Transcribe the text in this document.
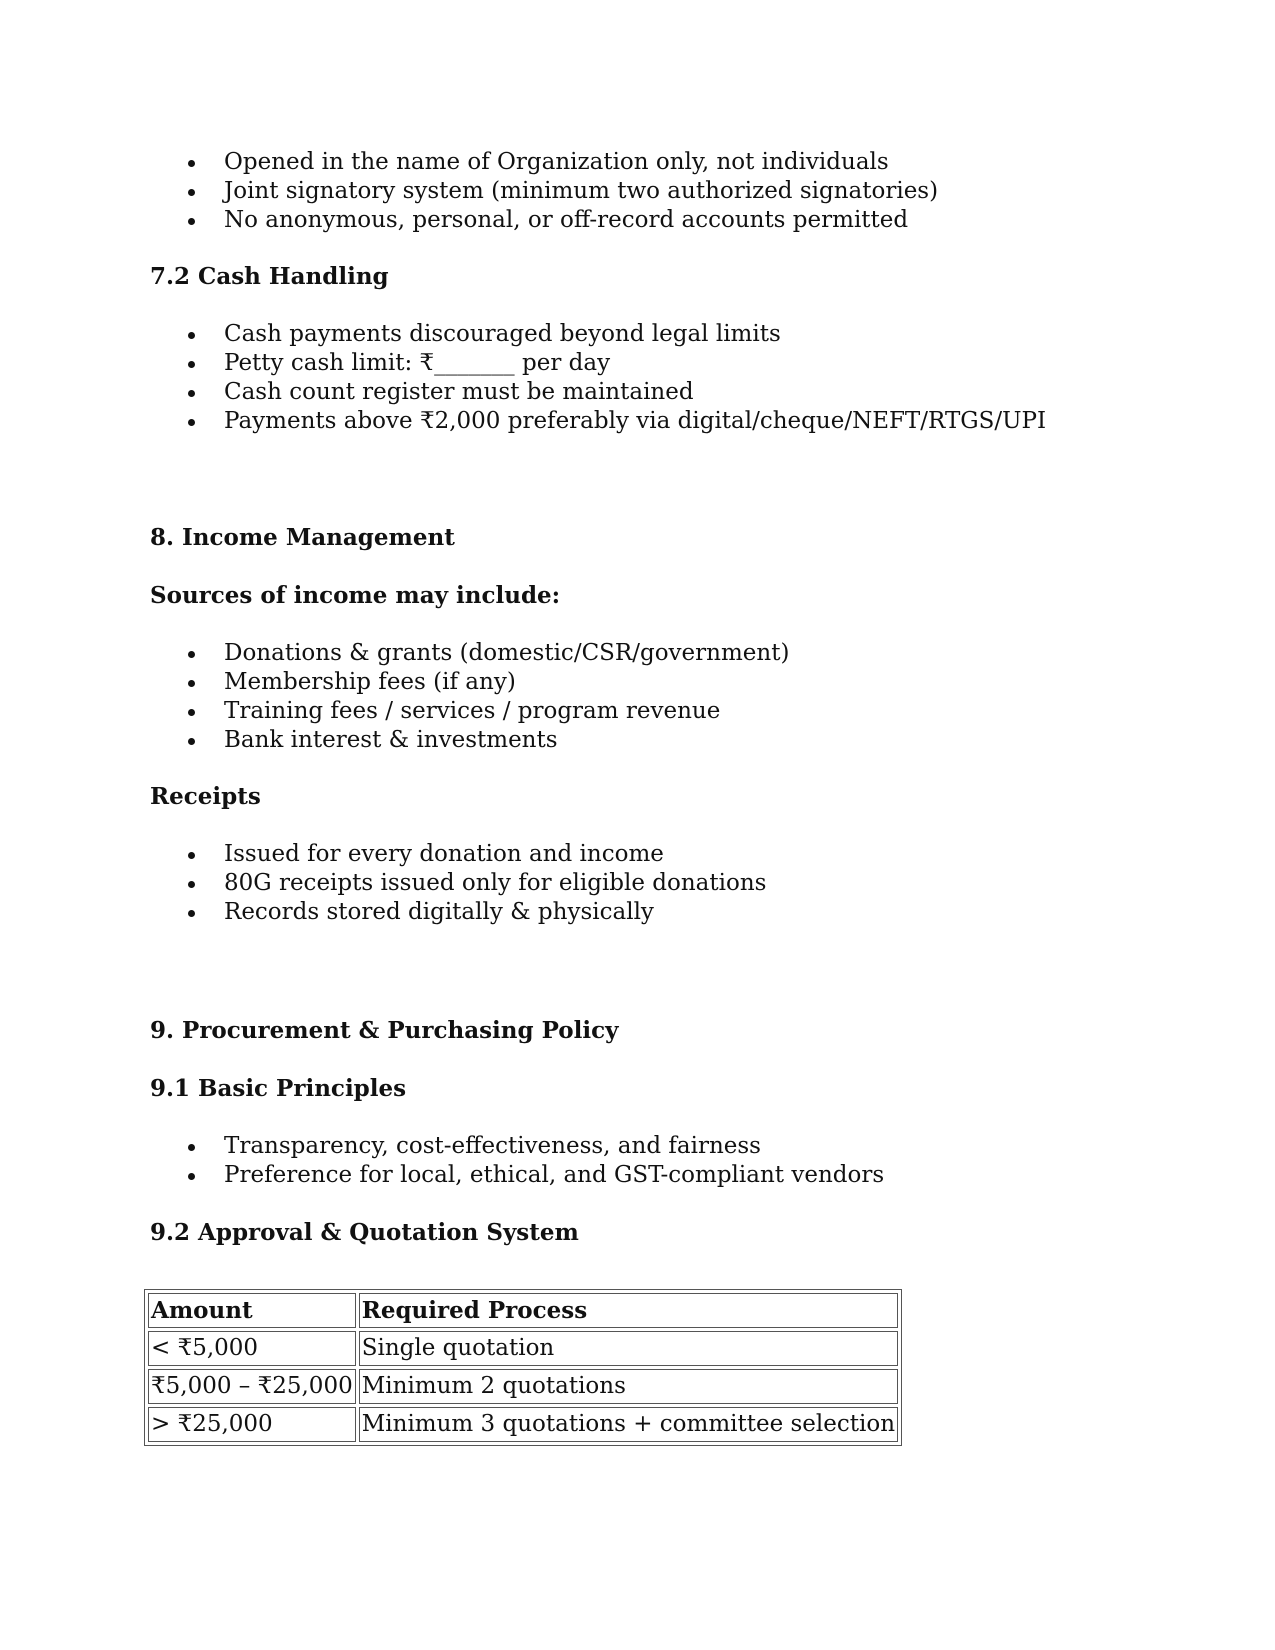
Opened in the name of Organization only, not individuals
Joint signatory system (minimum two authorized signatories)
No anonymous, personal, or off-record accounts permitted
7.2 Cash Handling
Cash payments discouraged beyond legal limits
Petty cash limit: ₹_______ per day
Cash count register must be maintained
Payments above ₹2,000 preferably via digital/cheque/NEFT/RTGS/UPI
8. Income Management
Sources of income may include:
Donations & grants (domestic/CSR/government)
Membership fees (if any)
Training fees / services / program revenue
Bank interest & investments
Receipts
Issued for every donation and income
80G receipts issued only for eligible donations
Records stored digitally & physically
9. Procurement & Purchasing Policy
9.1 Basic Principles
Transparency, cost-effectiveness, and fairness
Preference for local, ethical, and GST-compliant vendors
9.2 Approval & Quotation System
Amount	Required Process
< ₹5,000	Single quotation
₹5,000 – ₹25,000	Minimum 2 quotations
> ₹25,000	Minimum 3 quotations + committee selection
